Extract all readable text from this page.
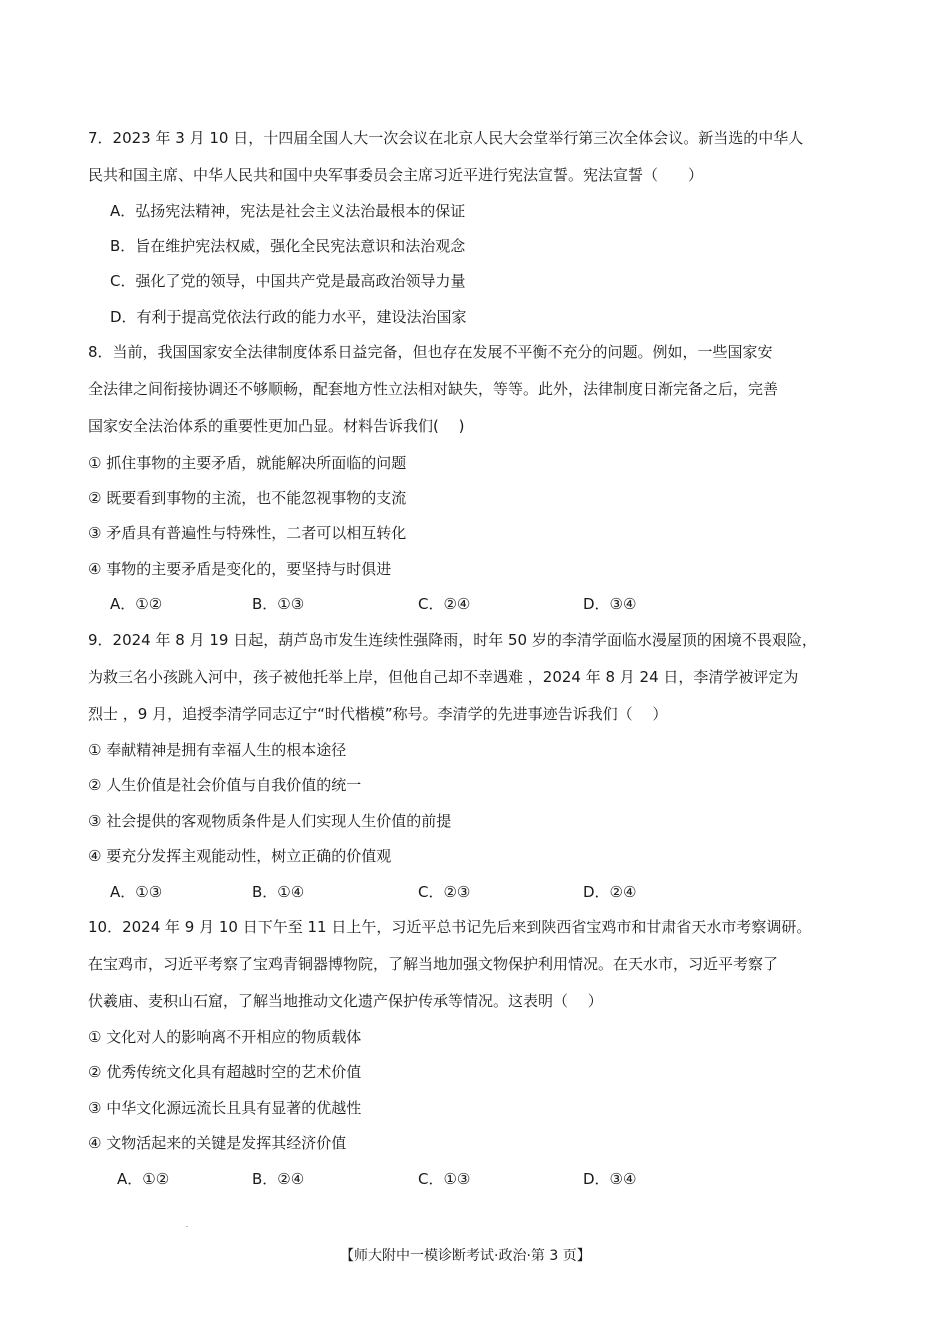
7．2023 年 3 月 10 日，十四届全国人大一次会议在北京人民大会堂举行第三次全体会议。新当选的中华人
民共和国主席、中华人民共和国中央军事委员会主席习近平进行宪法宣誓。宪法宣誓（　　）
A．弘扬宪法精神，宪法是社会主义法治最根本的保证
B．旨在维护宪法权威，强化全民宪法意识和法治观念
C．强化了党的领导，中国共产党是最高政治领导力量
D．有利于提高党依法行政的能力水平，建设法治国家
8．当前，我国国家安全法律制度体系日益完备，但也存在发展不平衡不充分的问题。例如，一些国家安
全法律之间衔接协调还不够顺畅，配套地方性立法相对缺失，等等。此外，法律制度日渐完备之后，完善
国家安全法治体系的重要性更加凸显。材料告诉我们(　 )
① 抓住事物的主要矛盾，就能解决所面临的问题
② 既要看到事物的主流，也不能忽视事物的支流
③ 矛盾具有普遍性与特殊性，二者可以相互转化
④ 事物的主要矛盾是变化的，要坚持与时俱进
A．①②	B．①③	C．②④	D．③④
9．2024 年 8 月 19 日起，葫芦岛市发生连续性强降雨，时年 50 岁的李清学面临水漫屋顶的困境不畏艰险，
为救三名小孩跳入河中，孩子被他托举上岸，但他自己却不幸遇难 ，2024 年 8 月 24 日，李清学被评定为
烈士 ，9 月，追授李清学同志辽宁“时代楷模”称号。李清学的先进事迹告诉我们（　 ）
① 奉献精神是拥有幸福人生的根本途径
② 人生价值是社会价值与自我价值的统一
③ 社会提供的客观物质条件是人们实现人生价值的前提
④ 要充分发挥主观能动性，树立正确的价值观
A．①③	B．①④	C．②③	D．②④
10．2024 年 9 月 10 日下午至 11 日上午，习近平总书记先后来到陕西省宝鸡市和甘肃省天水市考察调研。
在宝鸡市，习近平考察了宝鸡青铜器博物院，了解当地加强文物保护利用情况。在天水市，习近平考察了
伏羲庙、麦积山石窟，了解当地推动文化遗产保护传承等情况。这表明（　 ）
① 文化对人的影响离不开相应的物质载体
② 优秀传统文化具有超越时空的艺术价值
③ 中华文化源远流长且具有显著的优越性
④ 文物活起来的关键是发挥其经济价值
A．①②	B．②④	C．①③	D．③④
【师大附中一模诊断考试·政治·第 3 页】
